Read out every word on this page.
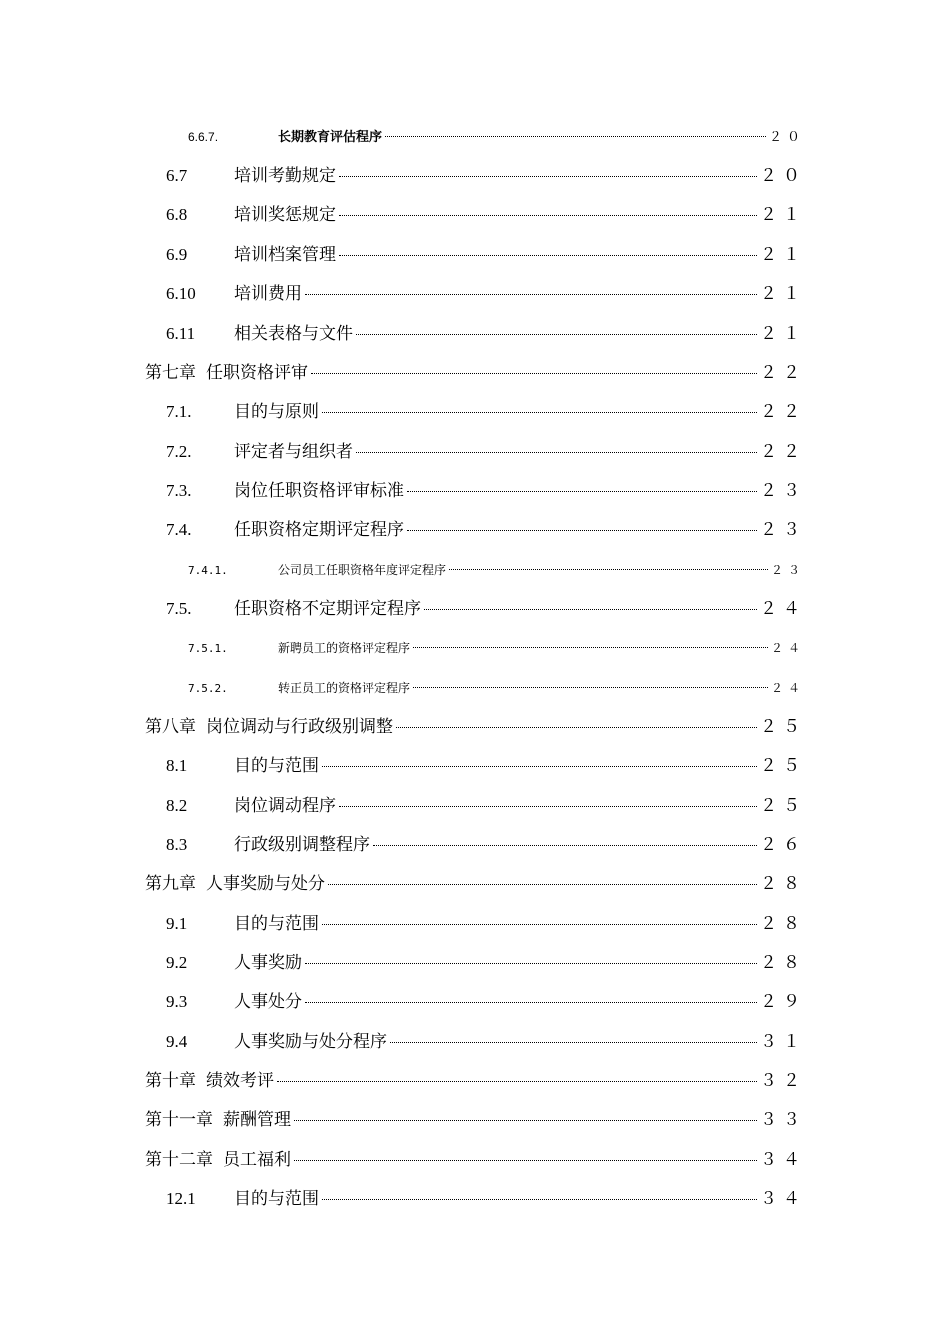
6.6.7.	长期教育评估程序	２０
6.7	培训考勤规定	２０
6.8	培训奖惩规定	２１
6.9	培训档案管理	２１
6.10	培训费用	２１
6.11	相关表格与文件	２１
第七章 任职资格评审	２２
7.1.	目的与原则	２２
7.2.	评定者与组织者	２２
7.3.	岗位任职资格评审标准	２３
7.4.	任职资格定期评定程序	２３
7.4.1.	公司员工任职资格年度评定程序	２３
7.5.	任职资格不定期评定程序	２４
7.5.1.	新聘员工的资格评定程序	２４
7.5.2.	转正员工的资格评定程序	２４
第八章 岗位调动与行政级别调整	２５
8.1	目的与范围	２５
8.2	岗位调动程序	２５
8.3	行政级别调整程序	２６
第九章 人事奖励与处分	２８
9.1	目的与范围	２８
9.2	人事奖励	２８
9.3	人事处分	２９
9.4	人事奖励与处分程序	３１
第十章 绩效考评	３２
第十一章 薪酬管理	３３
第十二章 员工福利	３４
12.1	目的与范围	３４
